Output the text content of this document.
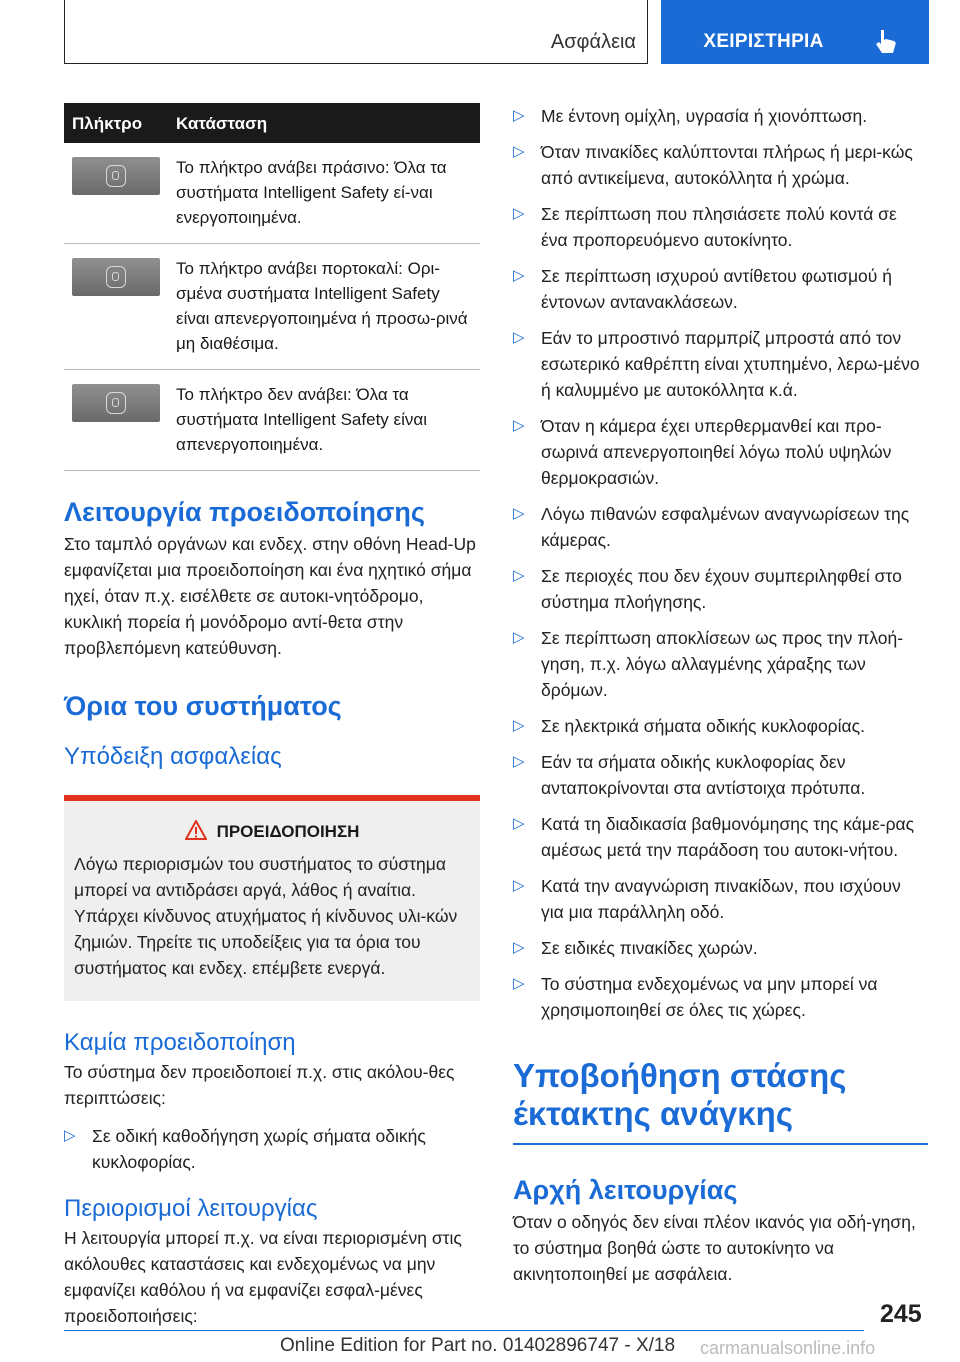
Ασφάλεια	ΧΕΙΡΙΣΤΗΡΙΑ
Πλήκτρο	Κατάσταση

	Το πλήκτρο ανάβει πράσινο: Όλα τα συστήματα Intelligent Safety εί-ναι ενεργοποιημένα.

	Το πλήκτρο ανάβει πορτοκαλί: Ορι-σμένα συστήματα Intelligent Safety είναι απενεργοποιημένα ή προσω-ρινά μη διαθέσιμα.

	Το πλήκτρο δεν ανάβει: Όλα τα συστήματα Intelligent Safety είναι απενεργοποιημένα.
Λειτουργία προειδοποίησης

Στο ταμπλό οργάνων και ενδεχ. στην οθόνη Head-Up εμφανίζεται μια προειδοποίηση και ένα ηχητικό σήμα ηχεί, όταν π.χ. εισέλθετε σε αυτοκι-νητόδρομο, κυκλική πορεία ή μονόδρομο αντί-θετα στην προβλεπόμενη κατεύθυνση.

Όρια του συστήματος
Υπόδειξη ασφαλείας
ΠΡΟΕΙΔΟΠΟΙΗΣΗ

Λόγω περιορισμών του συστήματος το σύστημα μπορεί να αντιδράσει αργά, λάθος ή αναίτια. Υπάρχει κίνδυνος ατυχήματος ή κίνδυνος υλι-κών ζημιών. Τηρείτε τις υποδείξεις για τα όρια του συστήματος και ενδεχ. επέμβετε ενεργά.

Καμία προειδοποίηση

Το σύστημα δεν προειδοποιεί π.χ. στις ακόλου-θες περιπτώσεις:

▷ Σε οδική καθοδήγηση χωρίς σήματα οδικής κυκλοφορίας.
Περιορισμοί λειτουργίας

Η λειτουργία μπορεί π.χ. να είναι περιορισμένη στις ακόλουθες καταστάσεις και ενδεχομένως να μην εμφανίζει καθόλου ή να εμφανίζει εσφαλ-μένες προειδοποιήσεις:

▷ Με έντονη ομίχλη, υγρασία ή χιονόπτωση.
▷ Όταν πινακίδες καλύπτονται πλήρως ή μερι-κώς από αντικείμενα, αυτοκόλλητα ή χρώμα.
▷ Σε περίπτωση που πλησιάσετε πολύ κοντά σε ένα προπορευόμενο αυτοκίνητο.
▷ Σε περίπτωση ισχυρού αντίθετου φωτισμού ή έντονων αντανακλάσεων.
▷ Εάν το μπροστινό παρμπρίζ μπροστά από τον εσωτερικό καθρέπτη είναι χτυπημένο, λερω-μένο ή καλυμμένο με αυτοκόλλητα κ.ά.
▷ Όταν η κάμερα έχει υπερθερμανθεί και προ-σωρινά απενεργοποιηθεί λόγω πολύ υψηλών θερμοκρασιών.
▷ Λόγω πιθανών εσφαλμένων αναγνωρίσεων της κάμερας.
▷ Σε περιοχές που δεν έχουν συμπεριληφθεί στο σύστημα πλοήγησης.
▷ Σε περίπτωση αποκλίσεων ως προς την πλοή-γηση, π.χ. λόγω αλλαγμένης χάραξης των δρόμων.
▷ Σε ηλεκτρικά σήματα οδικής κυκλοφορίας.
▷ Εάν τα σήματα οδικής κυκλοφορίας δεν ανταποκρίνονται στα αντίστοιχα πρότυπα.
▷ Κατά τη διαδικασία βαθμονόμησης της κάμε-ρας αμέσως μετά την παράδοση του αυτοκι-νήτου.
▷ Κατά την αναγνώριση πινακίδων, που ισχύουν για μια παράλληλη οδό.
▷ Σε ειδικές πινακίδες χωρών.
▷ Το σύστημα ενδεχομένως να μην μπορεί να χρησιμοποιηθεί σε όλες τις χώρες.
Υποβοήθηση στάσης έκτακτης ανάγκης
Αρχή λειτουργίας

Όταν ο οδηγός δεν είναι πλέον ικανός για οδή-γηση, το σύστημα βοηθά ώστε το αυτοκίνητο να ακινητοποιηθεί με ασφάλεια.

245
Online Edition for Part no. 01402896747 - X/18 carmanualsonline.info
